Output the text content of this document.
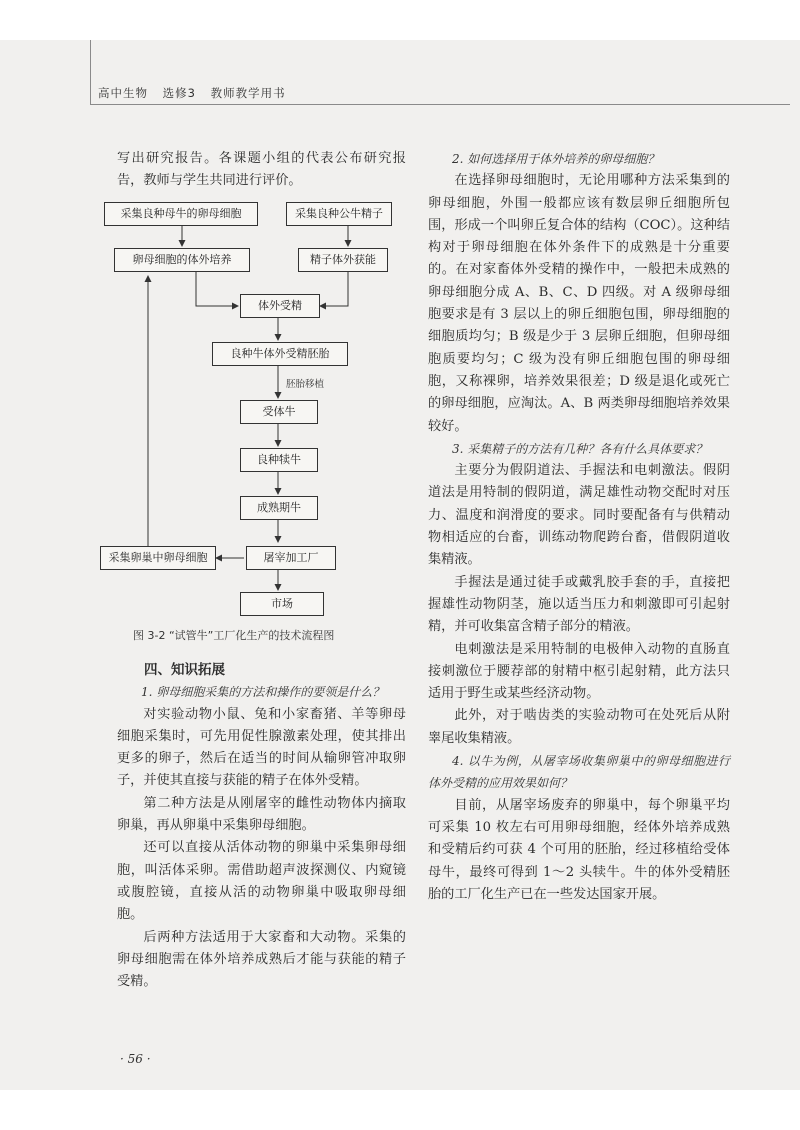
高中生物 选修3 教师教学用书

写出研究报告。各课题小组的代表公布研究报告，教师与学生共同进行评价。

采集良种母牛的卵母细胞	采集良种公牛精子
卵母细胞的体外培养	精子体外获能
体外受精
良种牛体外受精胚胎
胚胎移植
受体牛
良种犊牛
成熟期牛
屠宰加工厂
采集卵巢中卵母细胞
市场
图 3-2 “试管牛”工厂化生产的技术流程图
四、知识拓展

1. 卵母细胞采集的方法和操作的要领是什么？

对实验动物小鼠、兔和小家畜猪、羊等卵母细胞采集时，可先用促性腺激素处理，使其排出更多的卵子，然后在适当的时间从输卵管冲取卵子，并使其直接与获能的精子在体外受精。

第二种方法是从刚屠宰的雌性动物体内摘取卵巢，再从卵巢中采集卵母细胞。

还可以直接从活体动物的卵巢中采集卵母细胞，叫活体采卵。需借助超声波探测仪、内窥镜或腹腔镜，直接从活的动物卵巢中吸取卵母细胞。

后两种方法适用于大家畜和大动物。采集的卵母细胞需在体外培养成熟后才能与获能的精子受精。

2. 如何选择用于体外培养的卵母细胞？

在选择卵母细胞时，无论用哪种方法采集到的卵母细胞，外围一般都应该有数层卵丘细胞所包围，形成一个叫卵丘复合体的结构（COC）。这种结构对于卵母细胞在体外条件下的成熟是十分重要的。在对家畜体外受精的操作中，一般把未成熟的卵母细胞分成 A、B、C、D 四级。对 A 级卵母细胞要求是有 3 层以上的卵丘细胞包围，卵母细胞的细胞质均匀；B 级是少于 3 层卵丘细胞，但卵母细胞质要均匀；C 级为没有卵丘细胞包围的卵母细胞，又称裸卵，培养效果很差；D 级是退化或死亡的卵母细胞，应淘汰。A、B 两类卵母细胞培养效果较好。

3. 采集精子的方法有几种？各有什么具体要求？

主要分为假阴道法、手握法和电刺激法。假阴道法是用特制的假阴道，满足雄性动物交配时对压力、温度和润滑度的要求。同时要配备有与供精动物相适应的台畜，训练动物爬跨台畜，借假阴道收集精液。

手握法是通过徒手或戴乳胶手套的手，直接把握雄性动物阴茎，施以适当压力和刺激即可引起射精，并可收集富含精子部分的精液。

电刺激法是采用特制的电极伸入动物的直肠直接刺激位于腰荐部的射精中枢引起射精，此方法只适用于野生或某些经济动物。

此外，对于啮齿类的实验动物可在处死后从附睾尾收集精液。

4. 以牛为例，从屠宰场收集卵巢中的卵母细胞进行体外受精的应用效果如何？

目前，从屠宰场废弃的卵巢中，每个卵巢平均可采集 10 枚左右可用卵母细胞，经体外培养成熟和受精后约可获 4 个可用的胚胎，经过移植给受体母牛，最终可得到 1～2 头犊牛。牛的体外受精胚胎的工厂化生产已在一些发达国家开展。

· 56 ·
